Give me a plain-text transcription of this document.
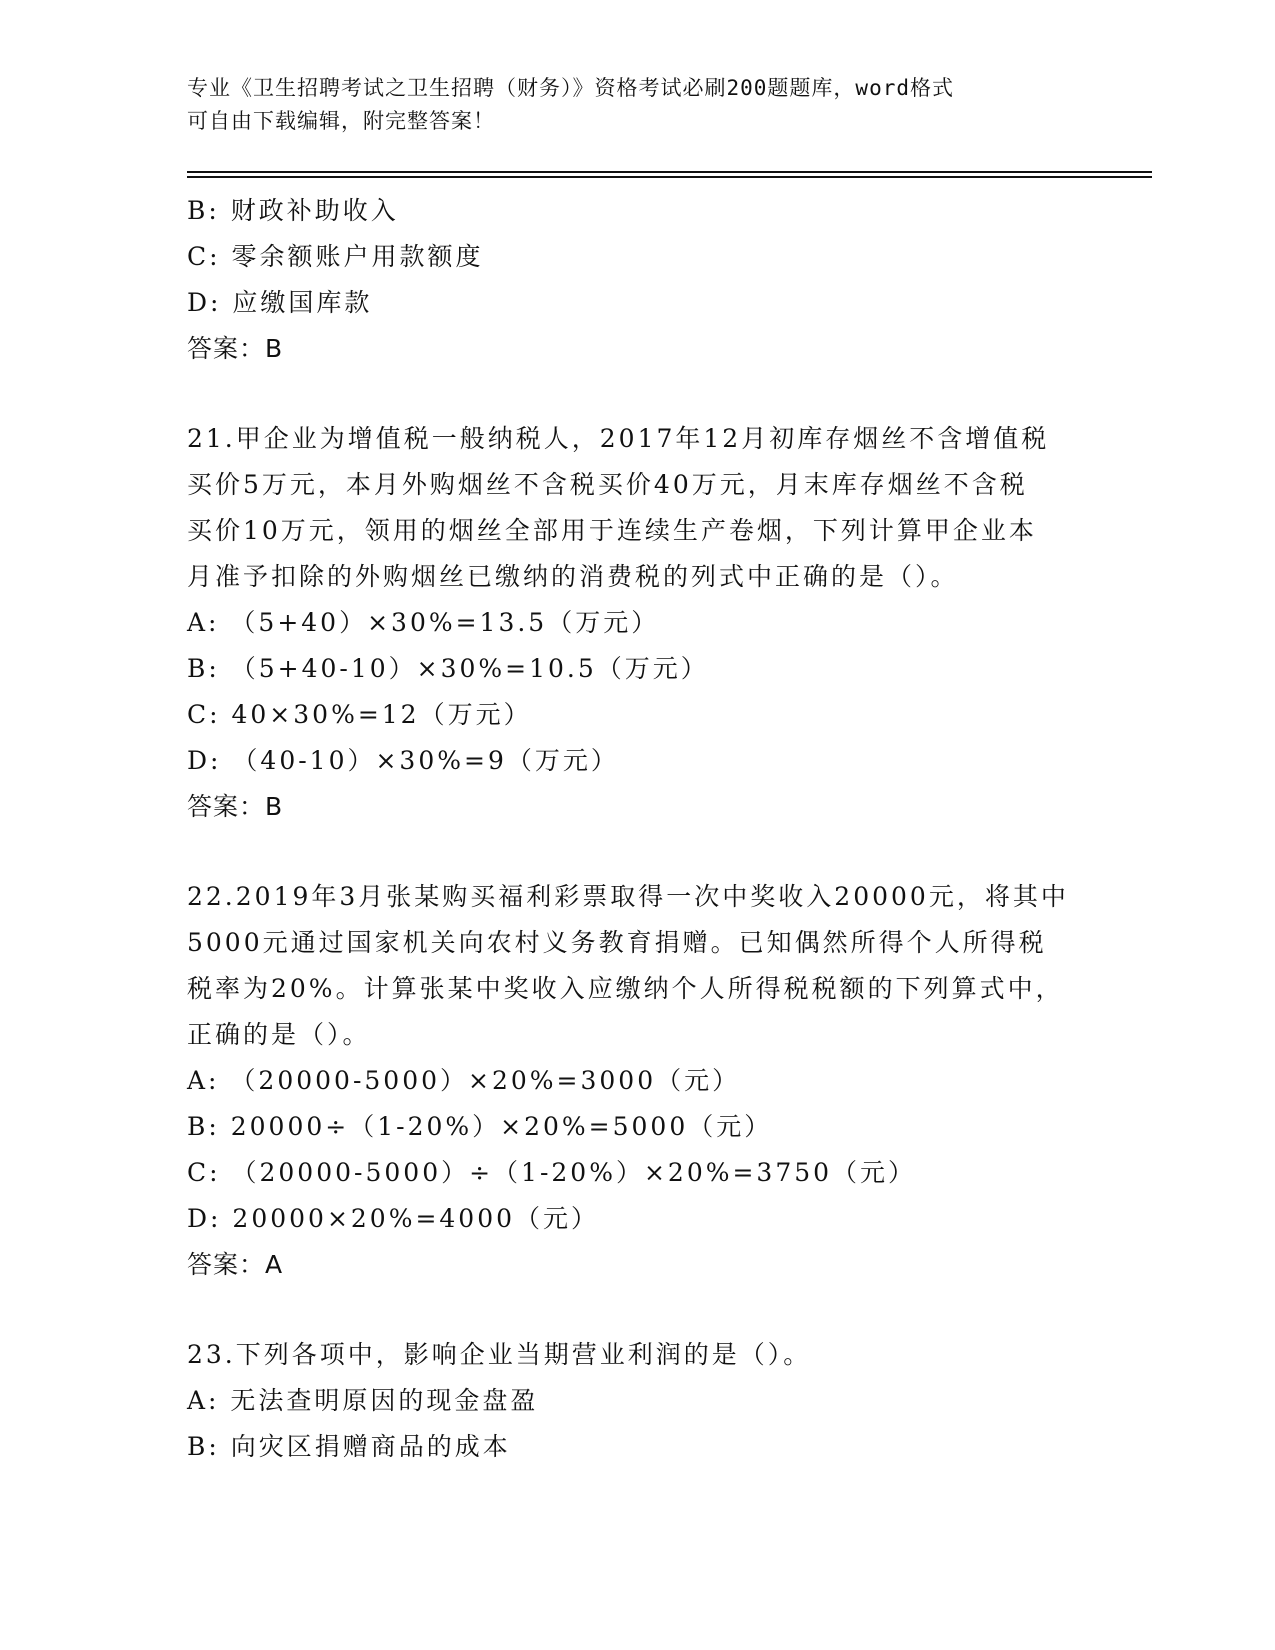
专业《卫生招聘考试之卫生招聘（财务）》资格考试必刷200题题库，word格式

可自由下载编辑，附完整答案！

B: 财政补助收入
C: 零余额账户用款额度
D: 应缴国库款
答案：B
21.甲企业为增值税一般纳税人，2017年12月初库存烟丝不含增值税
买价5万元，本月外购烟丝不含税买价40万元，月末库存烟丝不含税
买价10万元，领用的烟丝全部用于连续生产卷烟，下列计算甲企业本
月准予扣除的外购烟丝已缴纳的消费税的列式中正确的是（）。
A: （5+40）×30%=13.5（万元）
B: （5+40-10）×30%=10.5（万元）
C: 40×30%=12（万元）
D: （40-10）×30%=9（万元）
答案：B
22.2019年3月张某购买福利彩票取得一次中奖收入20000元，将其中
5000元通过国家机关向农村义务教育捐赠。已知偶然所得个人所得税
税率为20%。计算张某中奖收入应缴纳个人所得税税额的下列算式中，
正确的是（）。
A: （20000-5000）×20%=3000（元）
B: 20000÷（1-20%）×20%=5000（元）
C: （20000-5000）÷（1-20%）×20%=3750（元）
D: 20000×20%=4000（元）
答案：A
23.下列各项中，影响企业当期营业利润的是（）。
A: 无法查明原因的现金盘盈
B: 向灾区捐赠商品的成本
